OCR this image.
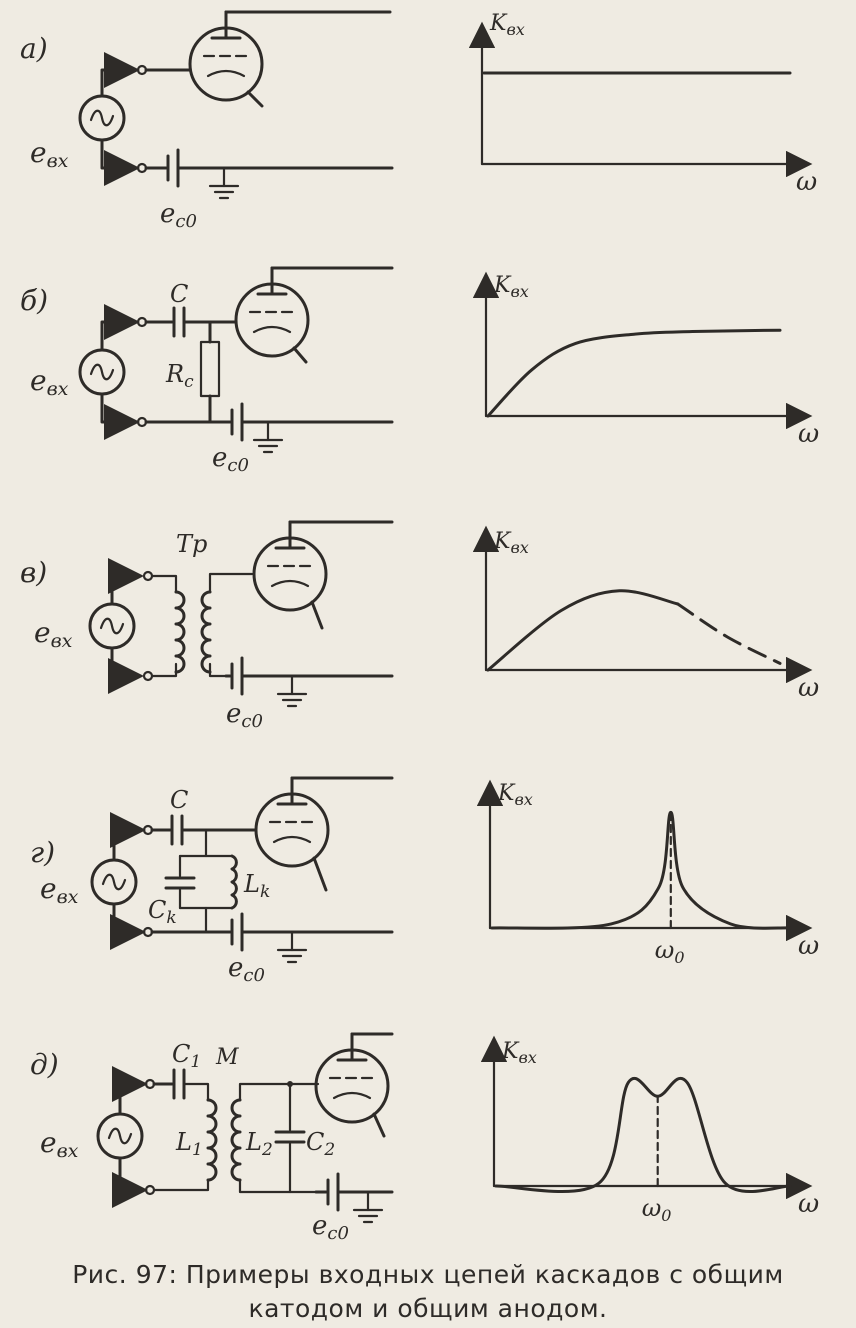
а)
eвх
ec0
$K_{вх}$
ω
б)
eвх
C
$R_c$
ec0
$K_{вх}$
ω
в)
eвх
Tр
ec0
$K_{вх}$
ω
г)
eвх
C
$L_k$
$C_k$
ec0
$K_{вх}$
ω
$\omega_0$
д)
eвх
$C_1$
$L_1$
M
$L_2$ $C_2$
ec0
$K_{вх}$
ω
$\omega_0$
Рис. 97: Примеры входных цепей каскадов с общим
катодом и общим анодом.
